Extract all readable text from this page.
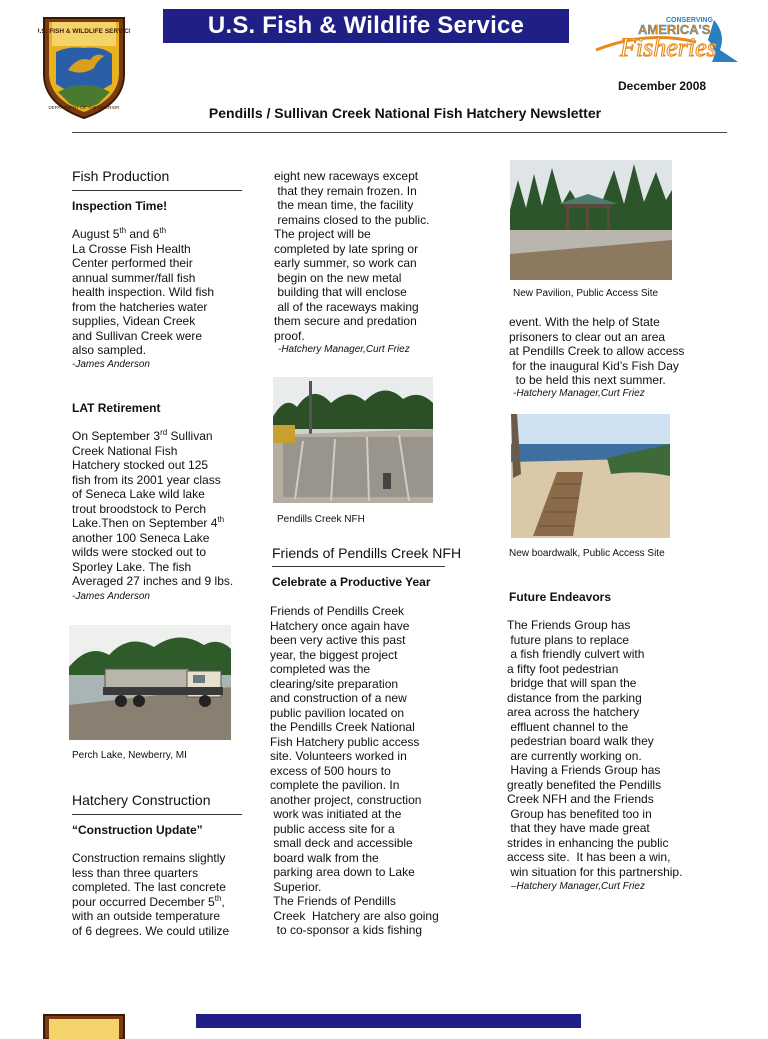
U.S. FISH & WILDLIFE SERVICE
DEPARTMENT OF THE INTERIOR
U.S. Fish & Wildlife Service	CONSERVING
AMERICA'S
Fisheries
December 2008
Pendills / Sullivan Creek National Fish Hatchery Newsletter
Fish Production
Inspection Time!
August 5th and 6th
La Crosse Fish Health
Center performed their
annual summer/fall fish
health inspection. Wild fish
from the hatcheries water
supplies, Videan Creek
and Sullivan Creek were
also sampled.
-James Anderson
LAT Retirement
On September 3rd Sullivan
Creek National Fish
Hatchery stocked out 125
fish from its 2001 year class
of Seneca Lake wild lake
trout broodstock to Perch
Lake.Then on September 4th
another 100 Seneca Lake
wilds were stocked out to
Sporley Lake. The fish
Averaged 27 inches and 9 lbs.
-James Anderson
Perch Lake, Newberry, MI
Hatchery Construction
“Construction Update”
Construction remains slightly
less than three quarters
completed. The last concrete
pour occurred December 5th,
with an outside temperature
of 6 degrees. We could utilize
eight new raceways except
that they remain frozen. In
the mean time, the facility
remains closed to the public.
The project will be
completed by late spring or
early summer, so work can
begin on the new metal
building that will enclose
all of the raceways making
them secure and predation
proof.
-Hatchery Manager,Curt Friez
Pendills Creek NFH
Friends of Pendills Creek NFH
Celebrate a Productive Year
Friends of Pendills Creek
Hatchery once again have
been very active this past
year, the biggest project
completed was the
clearing/site preparation
and construction of a new
public pavilion located on
the Pendills Creek National
Fish Hatchery public access
site. Volunteers worked in
excess of 500 hours to
complete the pavilion. In
another project, construction
work was initiated at the
public access site for a
small deck and accessible
board walk from the
parking area down to Lake
Superior.
The Friends of Pendills
Creek  Hatchery are also going
to co-sponsor a kids fishing
New Pavilion, Public Access Site
event. With the help of State
prisoners to clear out an area
at Pendills Creek to allow access
for the inaugural Kid’s Fish Day
to be held this next summer.
-Hatchery Manager,Curt Friez
New boardwalk, Public Access Site
Future Endeavors
The Friends Group has
future plans to replace
a fish friendly culvert with
a fifty foot pedestrian
bridge that will span the
distance from the parking
area across the hatchery
effluent channel to the
pedestrian board walk they
are currently working on.
Having a Friends Group has
greatly benefited the Pendills
Creek NFH and the Friends
Group has benefited too in
that they have made great
strides in enhancing the public
access site.  It has been a win,
win situation for this partnership.
–Hatchery Manager,Curt Friez
